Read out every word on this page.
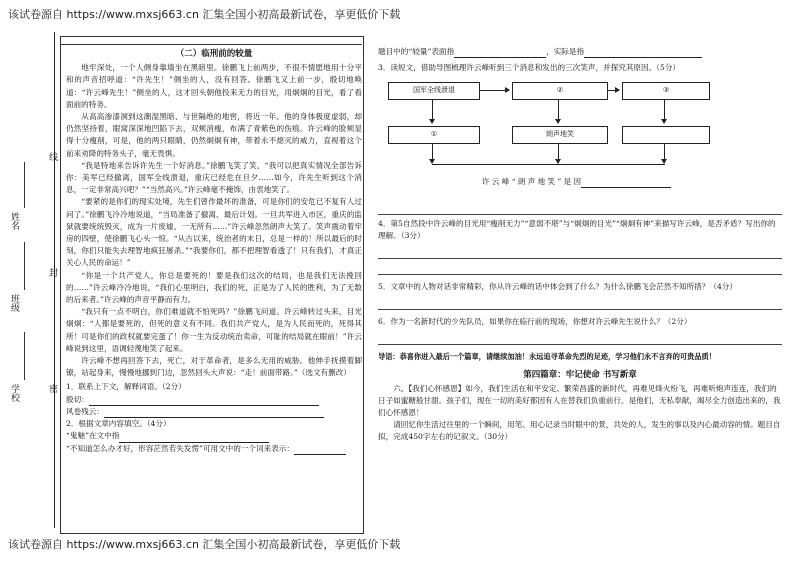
该试卷源自 https://www.mxsj663.cn 汇集全国小初高最新试卷，享更低价下载
该试卷源自 https://www.mxsj663.cn 汇集全国小初高最新试卷，享更低价下载
学校
班级
姓名
线
封
密
（二）临刑前的较量

地牢深处，一个人侧身靠墙坐在黑暗里。徐鹏飞上前两步，不很不情愿地用十分平和的声音招呼道：“许先生！”侧坐的人，没有回答。徐鹏飞又上前一步，殷切地唤道：“许云峰先生！”侧坐的人，这才回头朝他投来无力的目光，用炯炯的目光，看了看面前的特务。

从高高渗漆洞到这潮湿黑暗、与世隔绝的地窖，将近一年。他的身体极度虚弱，却仍然坚持着，眼窝深深地凹陷下去，双颊消瘦，布满了青紫色的伤痕。许云峰的脸颊显得十分瘦削，可是，他的两只眼睛，仍然炯炯有神，带着永不熄灭的威力，直视着这个前来劝降的特务头子，毫无畏惧。

“我是特地来告诉许先生一个好消息。”徐鹏飞笑了笑，“我可以把真实情况全部告诉你：美军已经撤离，国军全线溃退，重庆已经危在旦夕……如今，许先生听到这个消息，一定非常高兴吧？”“当然高兴。”许云峰毫不掩饰，由衷地笑了。

“要紧的是你们的现实处境，先生们曾作最坏的准备，可是你们的安危已不复有人过问了。”徐鹏飞冷冷地说道，“当局准备了撤离、最后计划。一旦共军进入市区，重庆的监狱就要统统毁灭，成为一片废墟，一无所有……”许云峰忽然朗声大笑了。笑声震动着牢房的四壁，使徐鹏飞心头一惊。“从古以来，统治者的末日，总是一样的！所以最后的时刻，你们只能失去理智地疯狂屠杀。”“我要你们，都不把理智看透了！只有我们，才真正关心人民的命运！”

“你是一个共产党人，你总是要死的！要是我们这次的结局，也是我们无法挽回的……”许云峰冷冷地说，“我们心里明白，我们的死，正是为了人民的胜利，为了无数的后来者。”许云峰的声音平静而有力。

“我只有一点不明白，你们难道就不怕死吗？”徐鹏飞问道。许云峰转过头来，目光炯炯：“人都是要死的，但死的意义有不同。我们共产党人，是为人民而死的，死得其所！可是你们的政权就要完蛋了！你一生为反动统治卖命，可耻的结局就在眼前！”许云峰说到这里，语调轻蔑地笑了起来。

许云峰不想再回答下去，死亡，对于革命者，是多么无用的威胁。他伸手抚摸着脚镣，站起身来，慢慢地挪到门边，忽然回头大声说：“走！前面带路。”（选文有删改）

1．联系上下文，解释词语。（2分）
殷切：
风卷残云：
2．根据文章内容填空。（4分）
“鬼魅”在文中指
“不知道怎么办才好，形容茫然若失发愣”可用文中的一个词来表示：
题目中的“较量”表面指	，实际是指
3．读短文，借助导图梳理许云峰听到三个消息和发出的三次笑声，并探究其原因。（5分）
国军全线溃退	②	③
①	朗声地笑
许 云 峰 “ 朗 声 地 笑 ” 是 因
4．第5自然段中许云峰的目光用“瘦削无力”“意弱不堪”与“炯炯的目光”“炯炯有神”来描写许云峰，是否矛盾？写出你的理解。（3分）
5．文章中的人物对话非常精彩，你从许云峰的话中体会到了什么？为什么徐鹏飞会茫然不知所措？（4分）
6．作为一名新时代的少先队员，如果你在临行前的现场，你想对许云峰先生说什么？（2分）
导语：恭喜你进入最后一个篇章，请继续加油！永远追寻革命先烈的足迹，学习他们永不言弃的可贵品质！
第四篇章：牢记使命 书写新章

六、【我们心怀感恩】如今，我们生活在和平安定、繁荣昌盛的新时代，再难见烽火纷飞，再难听炮声连连，我们的日子如蜜糖般甘甜。孩子们，现在一切的美好都因有人在替我们负重前行。是他们，无私奉献，竭尽全力创造出来的，我们心怀感恩！

请回忆你生活过往里的一个瞬间，用笔、用心记录当时眼中的景，共处的人，发生的事以及内心最动容的情。题目自拟，完成450字左右的记叙文。（30分）
